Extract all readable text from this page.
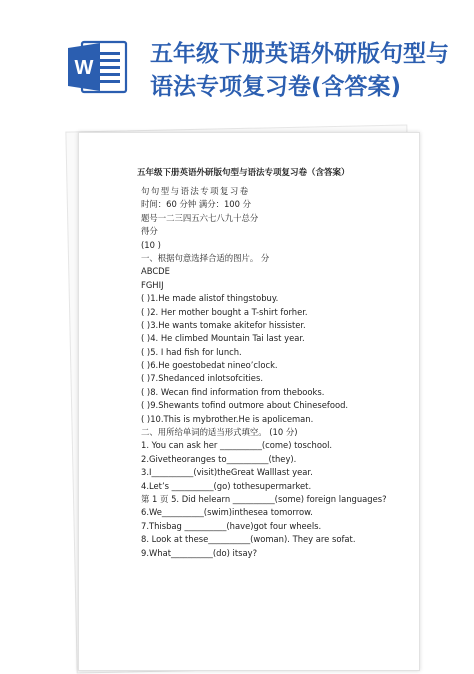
W
五年级下册英语外研版句型与
语法专项复习卷(含答案)
五年级下册英语外研版句型与语法专项复习卷（含答案）
句句型与语法专项复习卷
时间：60 分钟 满分：100 分
题号一二三四五六七八九十总分
得分
(10 )
一、根据句意选择合适的图片。 分
ABCDE
FGHIJ
( )1.He made alistof thingstobuy.
( )2. Her mother bought a T-shirt forher.
( )3.He wants tomake akitefor hissister.
( )4. He climbed Mountain Tai last year.
( )5. I had fish for lunch.
( )6.He goestobedat nineo’clock.
( )7.Shedanced inlotsofcities.
( )8. Wecan find information from thebooks.
( )9.Shewants tofind outmore about Chinesefood.
( )10.This is mybrother.He is apoliceman.
二、用所给单词的适当形式填空。 (10 分)
1. You can ask her __________(come) toschool.
2.Givetheoranges to__________(they).
3.I__________(visit)theGreat Walllast year.
4.Let’s __________(go) tothesupermarket.
第 1 页 5. Did helearn __________(some) foreign languages?
6.We__________(swim)inthesea tomorrow.
7.Thisbag __________(have)got four wheels.
8. Look at these__________(woman). They are sofat.
9.What__________(do) itsay?
